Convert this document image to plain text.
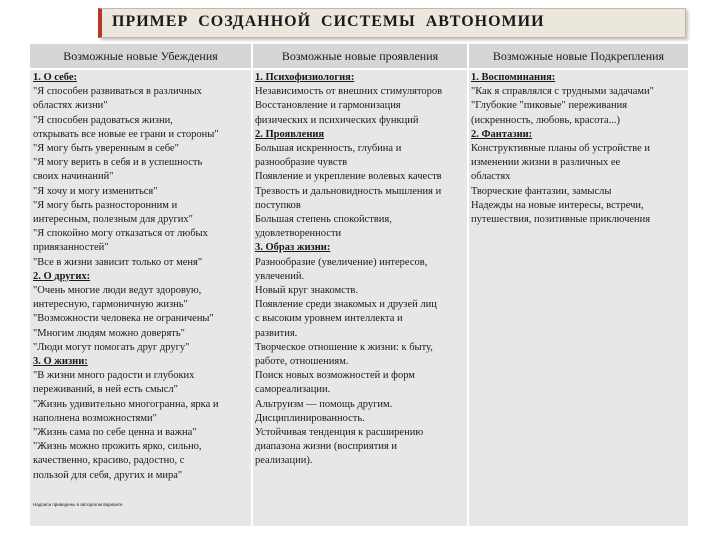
ПРИМЕР СОЗДАННОЙ СИСТЕМЫ АВТОНОМИИ
Возможные новые Убеждения	Возможные новые проявления	Возможные новые Подкрепления
1. О себе:
"Я способен развиваться в различных
областях жизни"
"Я способен радоваться жизни,
открывать все новые ее грани и стороны"
"Я могу быть уверенным в себе"
"Я могу верить в себя и в успешность
своих начинаний"
"Я хочу и могу измениться"
"Я могу быть разносторонним и
интересным, полезным для других"
"Я спокойно могу отказаться от любых
привязанностей"
"Все в жизни зависит только от меня"
2. О других:
"Очень многие люди ведут здоровую,
интересную, гармоничную жизнь"
"Возможности человека не ограничены"
"Многим людям можно доверять"
"Люди могут помогать друг другу"
3. О жизни:
"В жизни много радости и глубоких
переживаний, в ней есть смысл"
"Жизнь удивительно многогранна, ярка и
наполнена возможностями"
"Жизнь сама по себе ценна и важна"
"Жизнь можно прожить ярко, сильно,
качественно, красиво, радостно, с
пользой для себя, других и мира"
1. Психофизиология:
Независимость от внешних стимуляторов
Восстановление и гармонизация
физических и психических функций
2. Проявления
Большая искренность, глубина и
разнообразие чувств
Появление и укрепление волевых качеств
Трезвость и дальновидность мышления и
поступков
Большая степень спокойствия,
удовлетворенности
3. Образ жизни:
Разнообразие (увеличение) интересов,
увлечений.
Новый круг знакомств.
Появление среди знакомых и друзей лиц
с высоким уровнем интеллекта и
развития.
Творческое отношение к жизни: к быту,
работе, отношениям.
Поиск новых возможностей и форм
самореализации.
Альтруизм — помощь другим.
Дисциплинированность.
Устойчивая тенденция к расширению
диапазона жизни (восприятия и
реализации).
1. Воспоминания:
"Как я справлялся с трудными задачами"
"Глубокие "пиковые" переживания
(искренность, любовь, красота...)
2. Фантазии:
Конструктивные планы об устройстве и
изменении жизни в различных ее
областях
Творческие фантазии, замыслы
Надежды на новые интересы, встречи,
путешествия, позитивные приключения
Надписи приведены в авторском варианте
